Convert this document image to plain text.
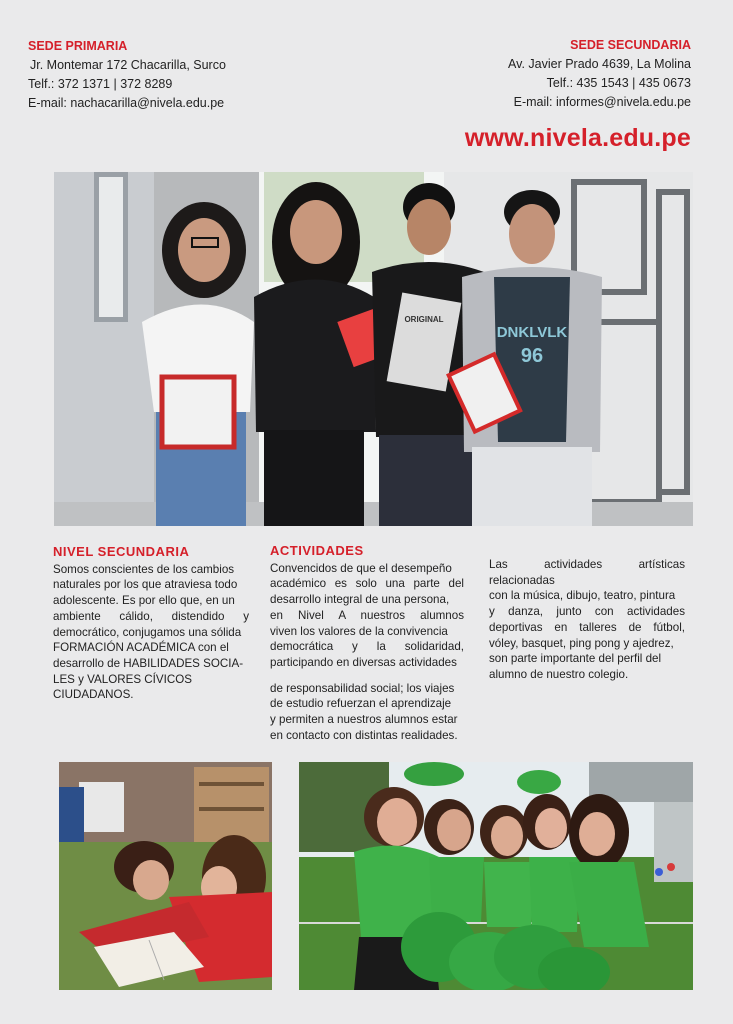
SEDE PRIMARIA
Jr. Montemar 172 Chacarilla, Surco
Telf.: 372 1371 | 372 8289
E-mail: nachacarilla@nivela.edu.pe
SEDE SECUNDARIA
Av. Javier Prado 4639, La Molina
Telf.: 435 1543 | 435 0673
E-mail: informes@nivela.edu.pe
www.nivela.edu.pe
DNKLVLK
96
ORIGINAL
NIVEL SECUNDARIA

Somos conscientes de los cambios

naturales por los que atraviesa todo

adolescente. Es por ello que, en un

ambiente cálido, distendido y

democrático, conjugamos una sólida

FORMACIÓN ACADÉMICA con el

desarrollo de HABILIDADES SOCIA-

LES y VALORES CÍVICOS

CIUDADANOS.

ACTIVIDADES

Convencidos de que el desempeño

académico es solo una parte del

desarrollo integral de una persona,

en Nivel A nuestros alumnos

viven los valores de la convivencia

democrática y la solidaridad,

participando en diversas actividades

de responsabilidad social; los viajes

de estudio refuerzan el aprendizaje

y permiten a nuestros alumnos estar

en contacto con distintas realidades.

Las actividades artísticas relacionadas

con la música, dibujo, teatro, pintura

y danza, junto con actividades

deportivas en talleres de fútbol,

vóley, basquet, ping pong y ajedrez,

son parte importante del perfil del

alumno de nuestro colegio.
